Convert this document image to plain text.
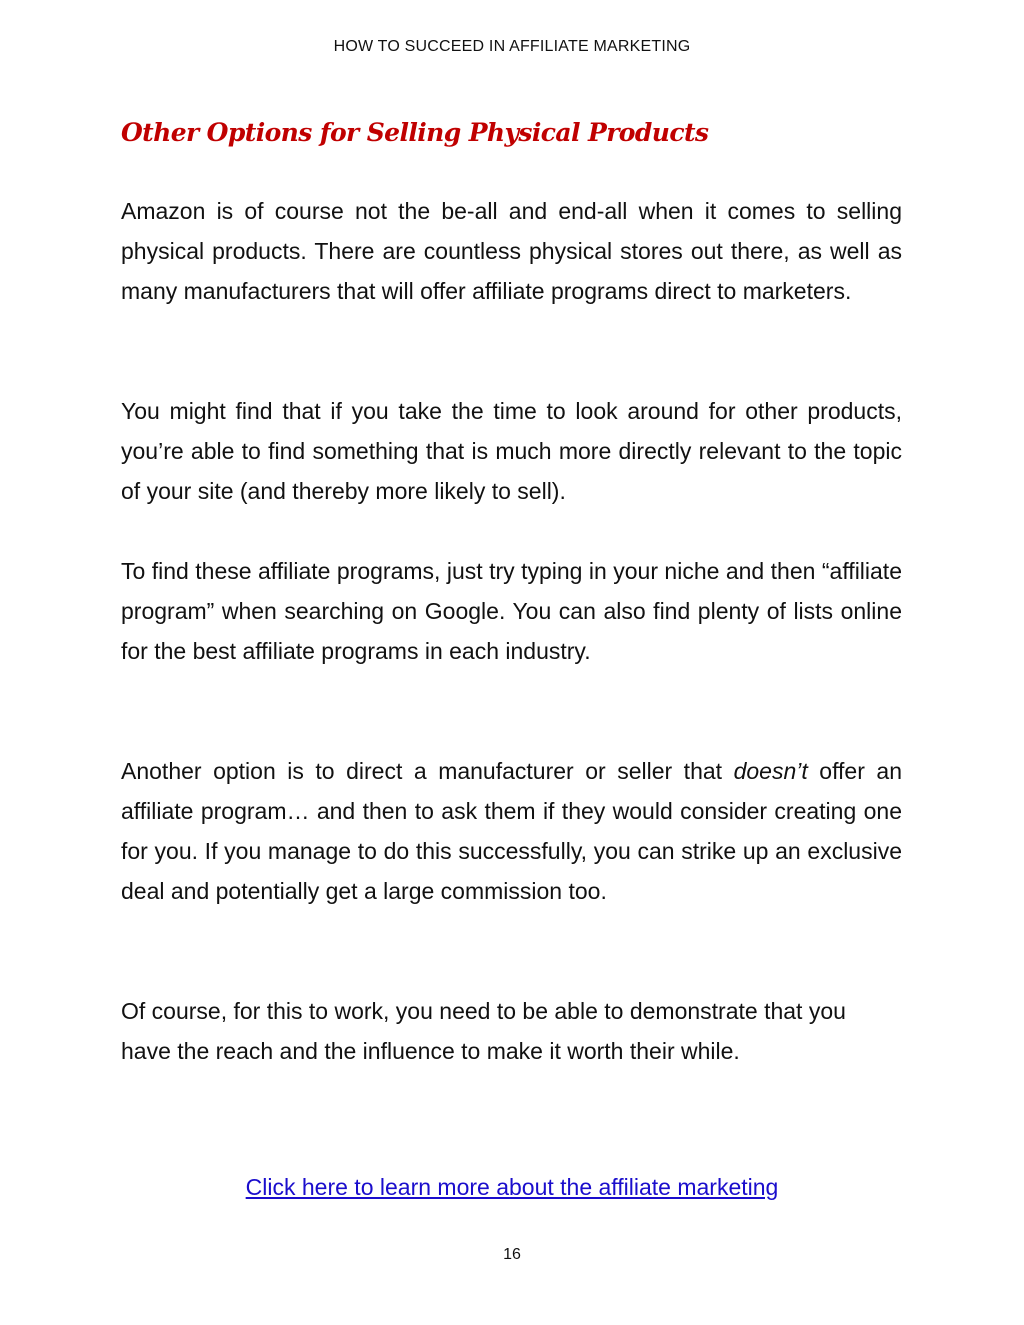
HOW TO SUCCEED IN AFFILIATE MARKETING
Other Options for Selling Physical Products

Amazon is of course not the be-all and end-all when it comes to selling physical products. There are countless physical stores out there, as well as many manufacturers that will offer affiliate programs direct to marketers.

You might find that if you take the time to look around for other products, you’re able to find something that is much more directly relevant to the topic of your site (and thereby more likely to sell).

To find these affiliate programs, just try typing in your niche and then “affiliate program” when searching on Google. You can also find plenty of lists online for the best affiliate programs in each industry.

Another option is to direct a manufacturer or seller that doesn’t offer an affiliate program… and then to ask them if they would consider creating one for you. If you manage to do this successfully, you can strike up an exclusive deal and potentially get a large commission too.

Of course, for this to work, you need to be able to demonstrate that you have the reach and the influence to make it worth their while.

Click here to learn more about the affiliate marketing
16
